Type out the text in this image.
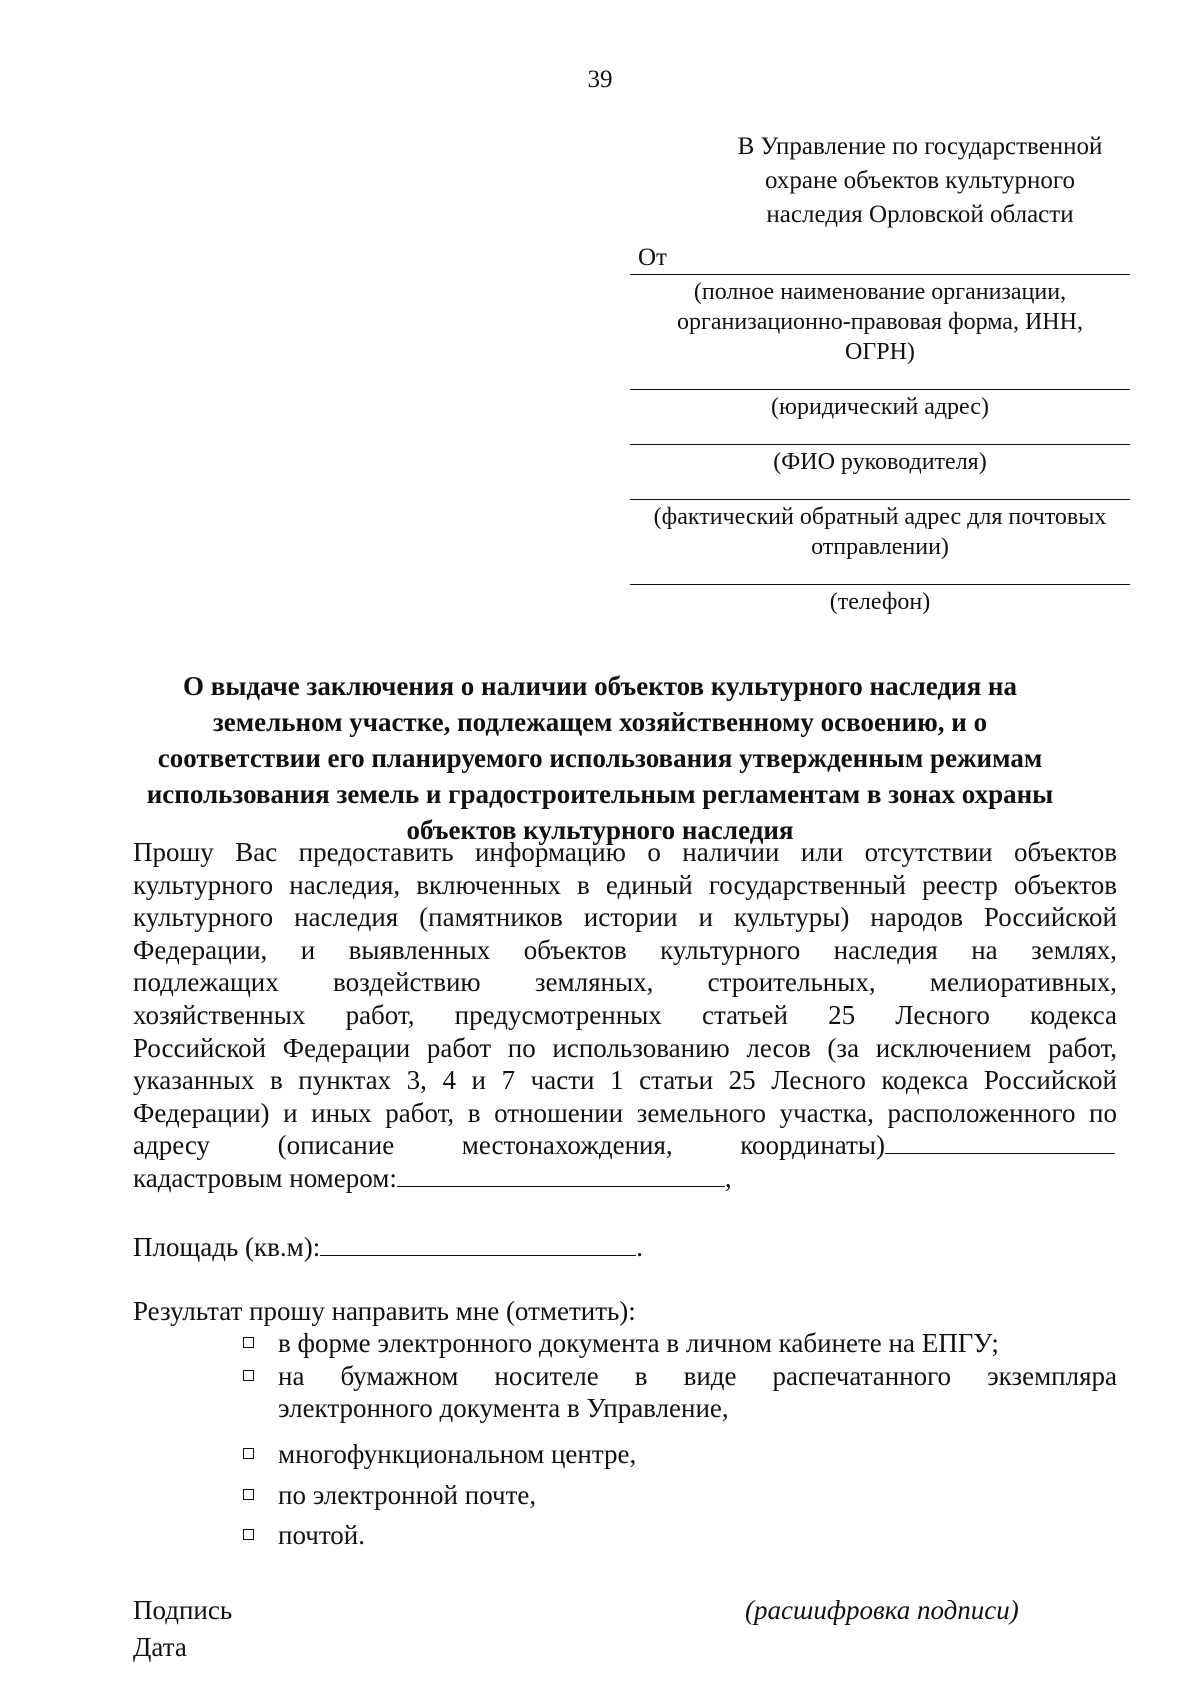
39
В Управление по государственной
охране объектов культурного
наследия Орловской области
От
(полное наименование организации,
организационно-правовая форма, ИНН,
ОГРН)
(юридический адрес)
(ФИО руководителя)
(фактический обратный адрес для почтовых
отправлении)
(телефон)
О выдаче заключения о наличии объектов культурного наследия на
земельном участке, подлежащем хозяйственному освоению, и о
соответствии его планируемого использования утвержденным режимам
использования земель и градостроительным регламентам в зонах охраны
объектов культурного наследия
Прошу Вас предоставить информацию о наличии или отсутствии объектов
культурного наследия, включенных в единый государственный реестр объектов
культурного наследия (памятников истории и культуры) народов Российской
Федерации, и выявленных объектов культурного наследия на землях,
подлежащих воздействию земляных, строительных, мелиоративных,
хозяйственных работ, предусмотренных статьей 25 Лесного кодекса
Российской Федерации работ по использованию лесов (за исключением работ,
указанных в пунктах 3, 4 и 7 части 1 статьи 25 Лесного кодекса Российской
Федерации) и иных работ, в отношении земельного участка, расположенного по
адресу (описание местонахождения, координаты)
кадастровым номером:	,
Площадь (кв.м):	.
Результат прошу направить мне (отметить):
в форме электронного документа в личном кабинете на ЕПГУ;
на бумажном носителе в виде распечатанного экземпляра
электронного документа в Управление,
многофункциональном центре,
по электронной почте,
почтой.
Подпись	(расшифровка подписи)
Дата
